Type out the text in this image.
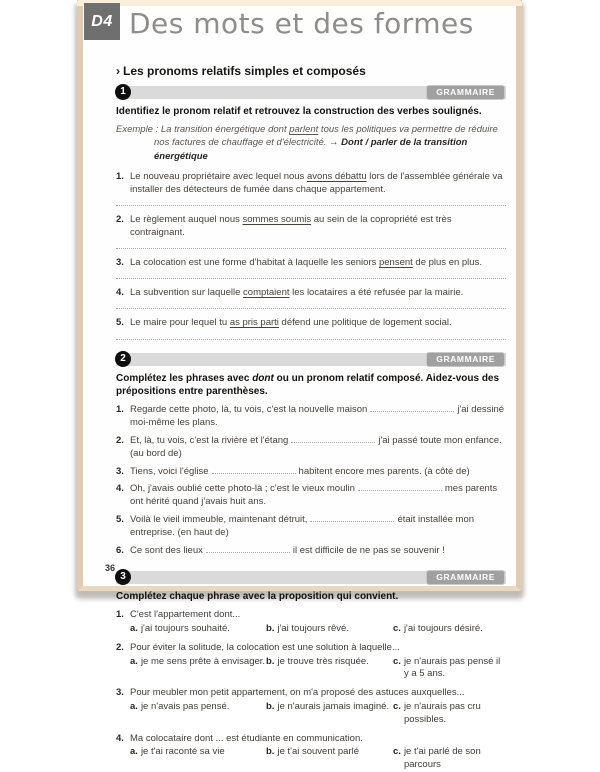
D4 Des mots et des formes
› Les pronoms relatifs simples et composés
1	GRAMMAIRE
Identifiez le pronom relatif et retrouvez la construction des verbes soulignés.
Exemple : La transition énergétique dont parlent tous les politiques va permettre de réduire nos factures de chauffage et d'électricité. → Dont / parler de la transition énergétique
1. Le nouveau propriétaire avec lequel nous avons débattu lors de l'assemblée générale va installer des détecteurs de fumée dans chaque appartement.
2. Le règlement auquel nous sommes soumis au sein de la copropriété est très contraignant.
3. La colocation est une forme d'habitat à laquelle les seniors pensent de plus en plus.
4. La subvention sur laquelle comptaient les locataires a été refusée par la mairie.
5. Le maire pour lequel tu as pris parti défend une politique de logement social.
2	GRAMMAIRE
Complétez les phrases avec dont ou un pronom relatif composé. Aidez-vous des prépositions entre parenthèses.
1. Regarde cette photo, là, tu vois, c'est la nouvelle maison	j'ai dessiné moi-même les plans.
2. Et, là, tu vois, c'est la rivière et l'étang	j'ai passé toute mon enfance. (au bord de)
3. Tiens, voici l'église	habitent encore mes parents. (à côté de)
4. Oh, j'avais oublié cette photo-là ; c'est le vieux moulin	mes parents ont hérité quand j'avais huit ans.
5. Voilà le vieil immeuble, maintenant détruit,	était installée mon entreprise. (en haut de)
6. Ce sont des lieux	il est difficile de ne pas se souvenir !
3	GRAMMAIRE
Complétez chaque phrase avec la proposition qui convient.
1. C'est l'appartement dont...
a. j'ai toujours souhaité.	b. j'ai toujours rêvé.	c. j'ai toujours désiré.
2. Pour éviter la solitude, la colocation est une solution à laquelle...
a. je me sens prête à envisager. b. je trouve très risquée.	c. je n'aurais pas pensé il y a 5 ans.
3. Pour meubler mon petit appartement, on m'a proposé des astuces auxquelles...
a. je n'avais pas pensé.	b. je n'aurais jamais imaginé. c. je n'aurais pas cru possibles.
4. Ma colocataire dont ... est étudiante en communication.
a. je t'ai raconté sa vie	b. je t'ai souvent parlé	c. je t'ai parlé de son parcours
36
